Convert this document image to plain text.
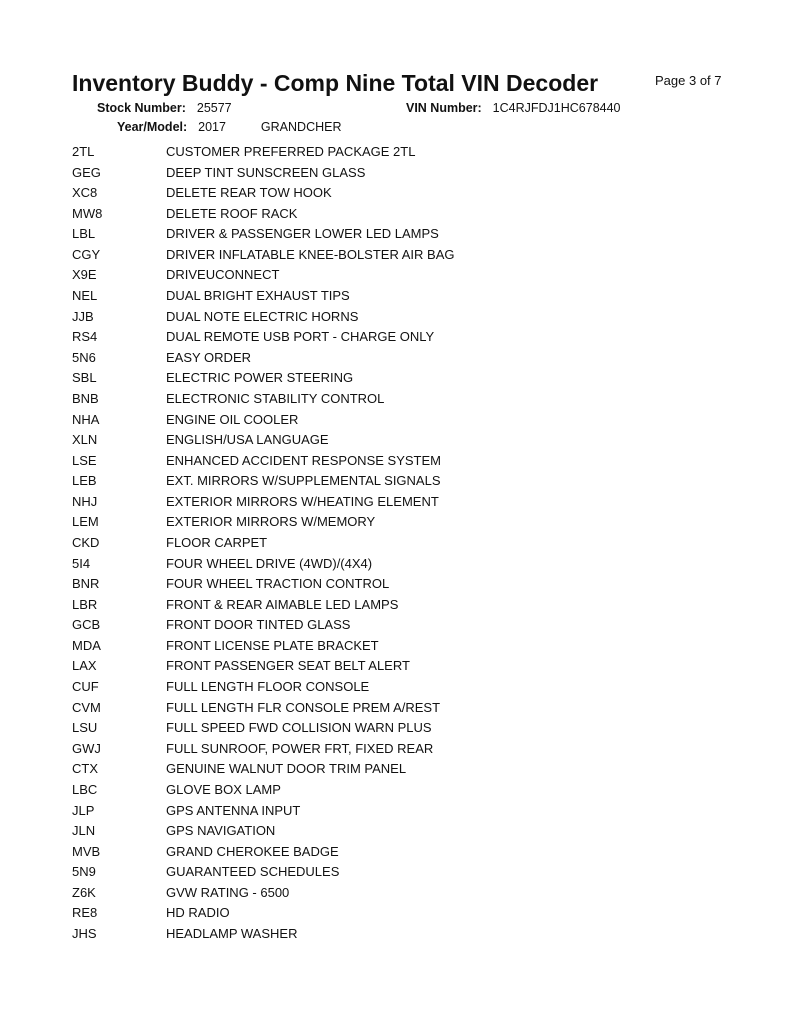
Inventory Buddy - Comp Nine Total VIN Decoder	Page 3 of 7
Stock Number: 25577	VIN Number: 1C4RJFDJ1HC678440
Year/Model: 2017	GRANDCHER
2TL	CUSTOMER PREFERRED PACKAGE 2TL
GEG	DEEP TINT SUNSCREEN GLASS
XC8	DELETE REAR TOW HOOK
MW8	DELETE ROOF RACK
LBL	DRIVER & PASSENGER LOWER LED LAMPS
CGY	DRIVER INFLATABLE KNEE-BOLSTER AIR BAG
X9E	DRIVEUCONNECT
NEL	DUAL BRIGHT EXHAUST TIPS
JJB	DUAL NOTE ELECTRIC HORNS
RS4	DUAL REMOTE USB PORT - CHARGE ONLY
5N6	EASY ORDER
SBL	ELECTRIC POWER STEERING
BNB	ELECTRONIC STABILITY CONTROL
NHA	ENGINE OIL COOLER
XLN	ENGLISH/USA LANGUAGE
LSE	ENHANCED ACCIDENT RESPONSE SYSTEM
LEB	EXT. MIRRORS W/SUPPLEMENTAL SIGNALS
NHJ	EXTERIOR MIRRORS W/HEATING ELEMENT
LEM	EXTERIOR MIRRORS W/MEMORY
CKD	FLOOR CARPET
5I4	FOUR WHEEL DRIVE (4WD)/(4X4)
BNR	FOUR WHEEL TRACTION CONTROL
LBR	FRONT & REAR AIMABLE LED LAMPS
GCB	FRONT DOOR TINTED GLASS
MDA	FRONT LICENSE PLATE BRACKET
LAX	FRONT PASSENGER SEAT BELT ALERT
CUF	FULL LENGTH FLOOR CONSOLE
CVM	FULL LENGTH FLR CONSOLE PREM A/REST
LSU	FULL SPEED FWD COLLISION WARN PLUS
GWJ	FULL SUNROOF, POWER FRT, FIXED REAR
CTX	GENUINE WALNUT DOOR TRIM PANEL
LBC	GLOVE BOX LAMP
JLP	GPS ANTENNA INPUT
JLN	GPS NAVIGATION
MVB	GRAND CHEROKEE BADGE
5N9	GUARANTEED SCHEDULES
Z6K	GVW RATING - 6500
RE8	HD RADIO
JHS	HEADLAMP WASHER
